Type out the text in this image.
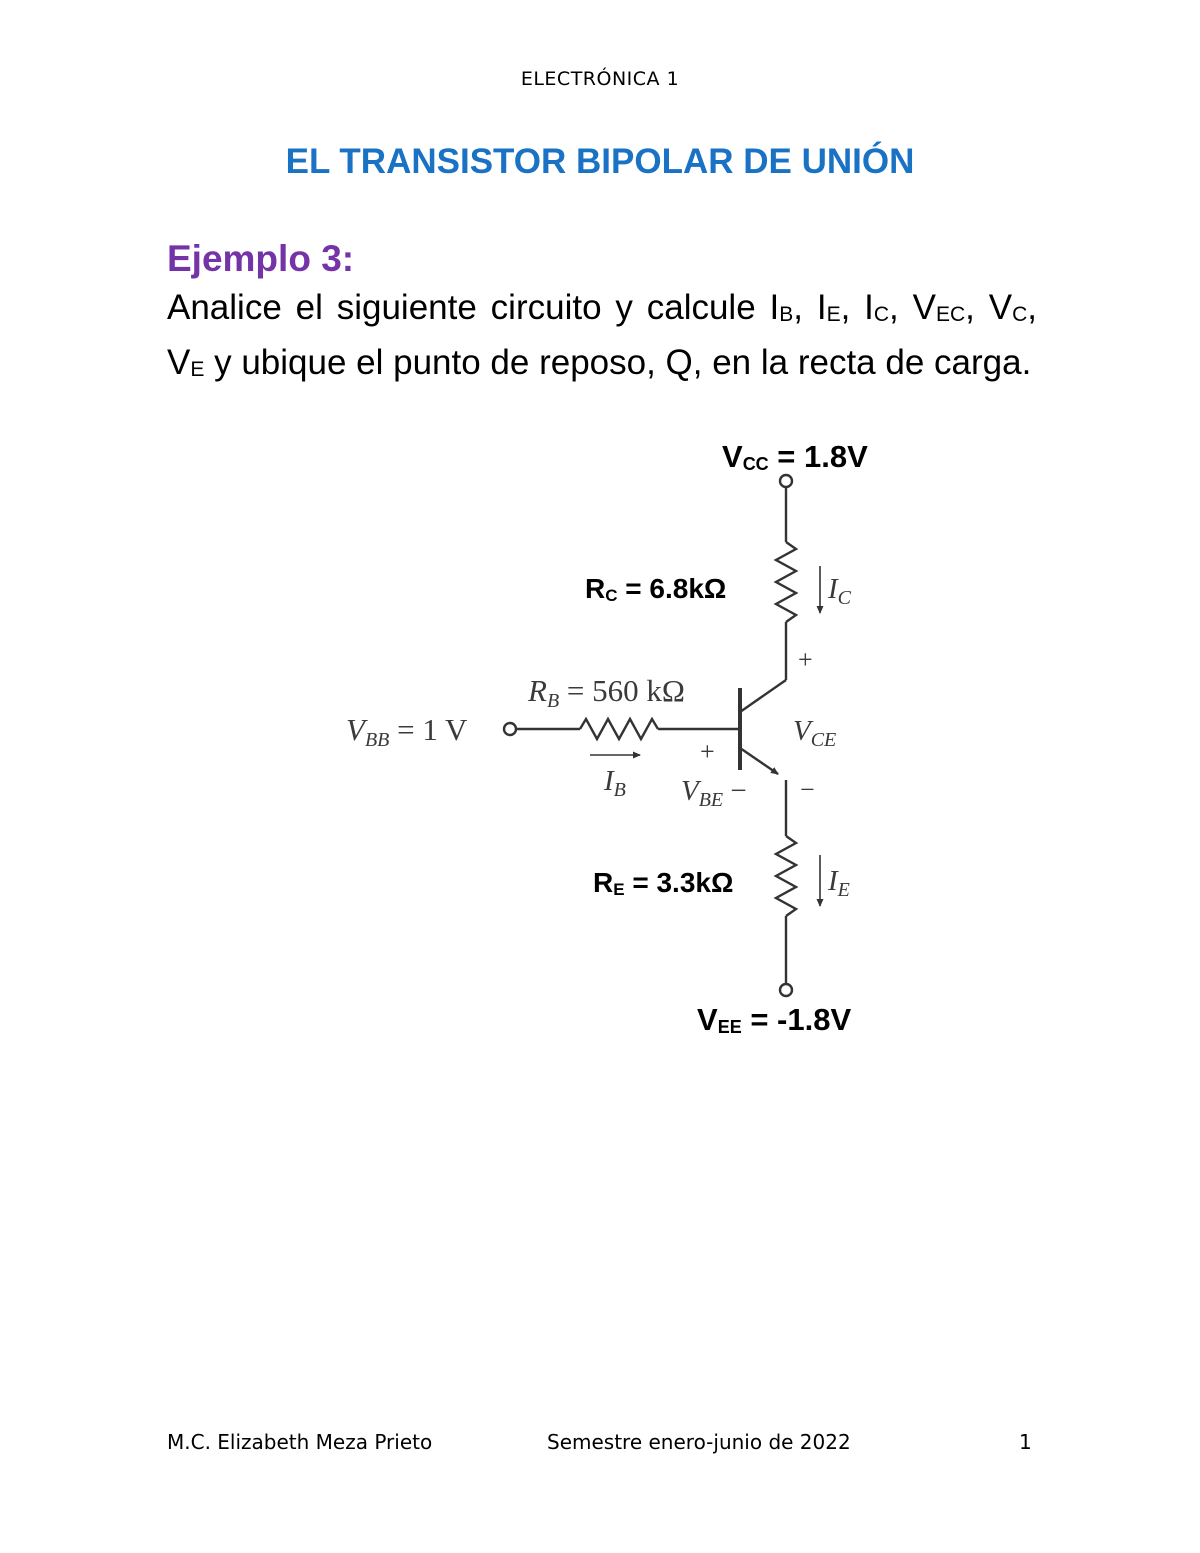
ELECTRÓNICA 1
EL TRANSISTOR BIPOLAR DE UNIÓN
Ejemplo 3:
Analice el siguiente circuito y calcule $I_B$, $I_E$, $I_C$, $V_{EC}$, $V_C$, $V_E$ y ubique el punto de reposo, Q, en la recta de carga.
VCC = 1.8V
RC = 6.8kΩ
RE = 3.3kΩ
VEE = -1.8V
RB = 560 kΩ
VBB = 1 V
$I_C$
$I_E$
$I_B$
$V_{CE}$
$V_{BE}$ −
+
−
+
M.C. Elizabeth Meza Prieto	Semestre enero-junio de 2022	1
